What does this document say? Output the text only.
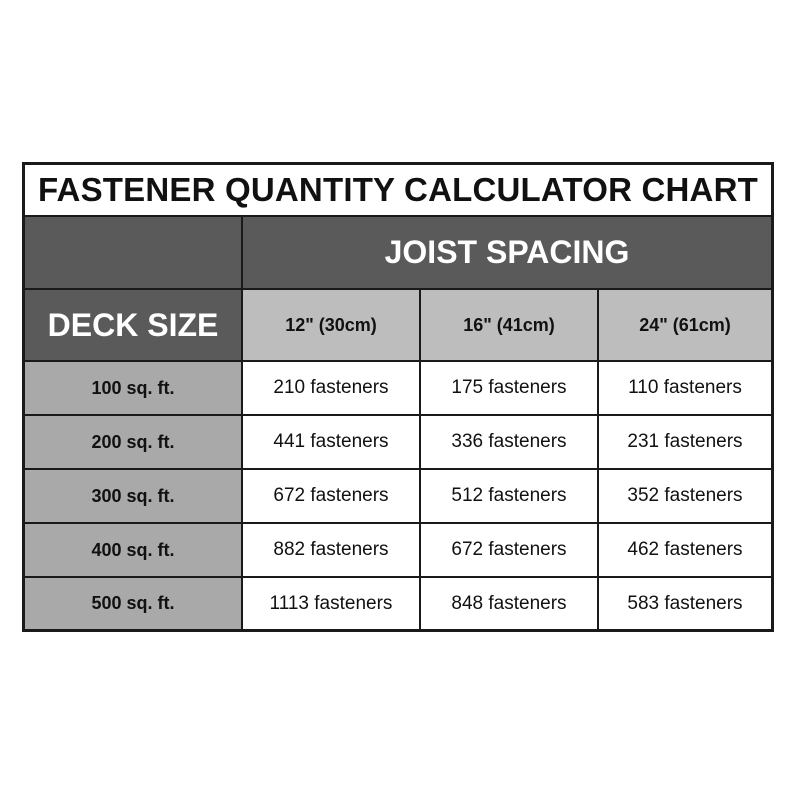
FASTENER QUANTITY CALCULATOR CHART
JOIST SPACING
DECK SIZE	12" (30cm)	16" (41cm)	24" (61cm)
100 sq. ft.	210 fasteners	175 fasteners	110 fasteners
200 sq. ft.	441 fasteners	336 fasteners	231 fasteners
300 sq. ft.	672 fasteners	512 fasteners	352 fasteners
400 sq. ft.	882 fasteners	672 fasteners	462 fasteners
500 sq. ft.	1113 fasteners	848 fasteners	583 fasteners
